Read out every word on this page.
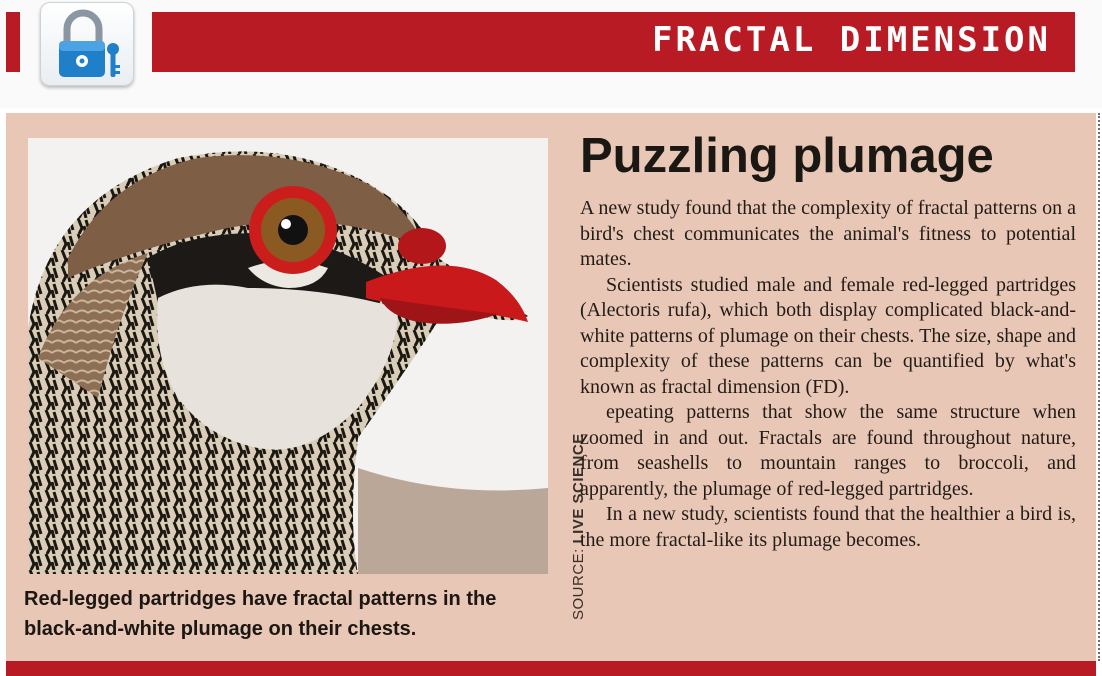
FRACTAL DIMENSION
Red-legged partridges have fractal patterns in the black-and-white plumage on their chests.
SOURCE: LIVE SCIENCE
Puzzling plumage

A new study found that the complexity of fractal patterns on a bird's chest communicates the animal's fitness to potential mates.

Scientists studied male and female red-legged partridges (Alectoris rufa), which both display complicated black-and-white patterns of plumage on their chests. The size, shape and complexity of these patterns can be quantified by what's known as fractal dimension (FD).

epeating patterns that show the same structure when zoomed in and out. Fractals are found throughout nature, from seashells to mountain ranges to broccoli, and apparently, the plumage of red-legged partridges.

In a new study, scientists found that the healthier a bird is, the more fractal-like its plumage becomes.
